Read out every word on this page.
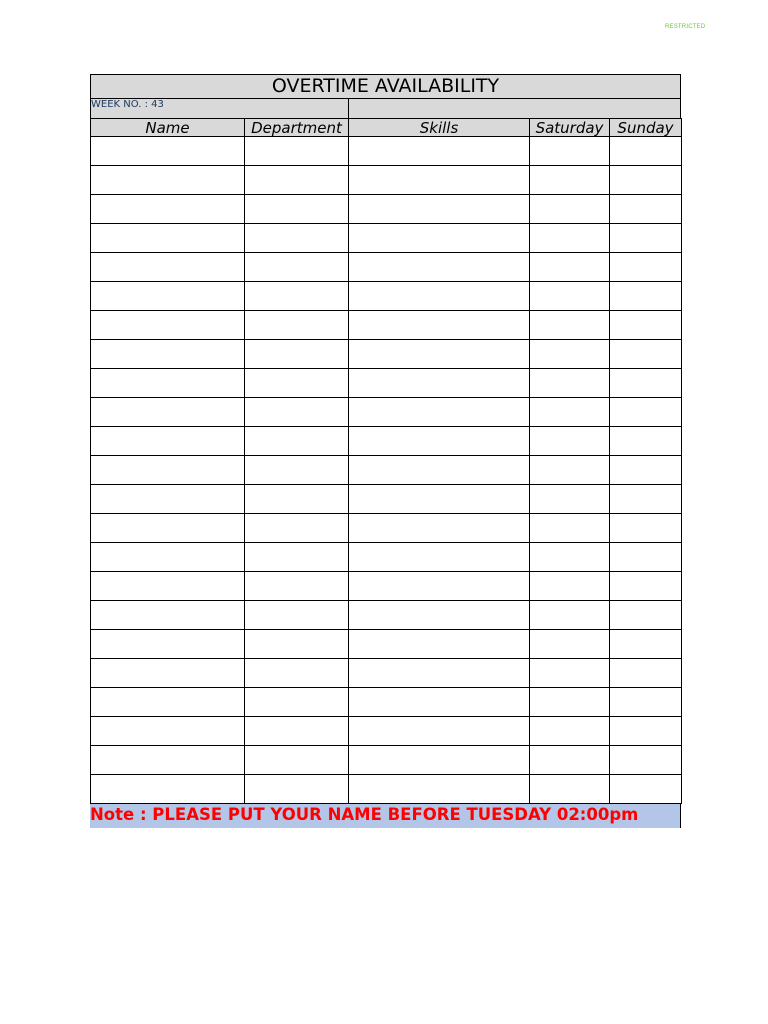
RESTRICTED
OVERTIME AVAILABILITY
WEEK NO. : 43
Name	Department	Skills	Saturday	Sunday

Note : PLEASE PUT YOUR NAME BEFORE TUESDAY 02:00pm
